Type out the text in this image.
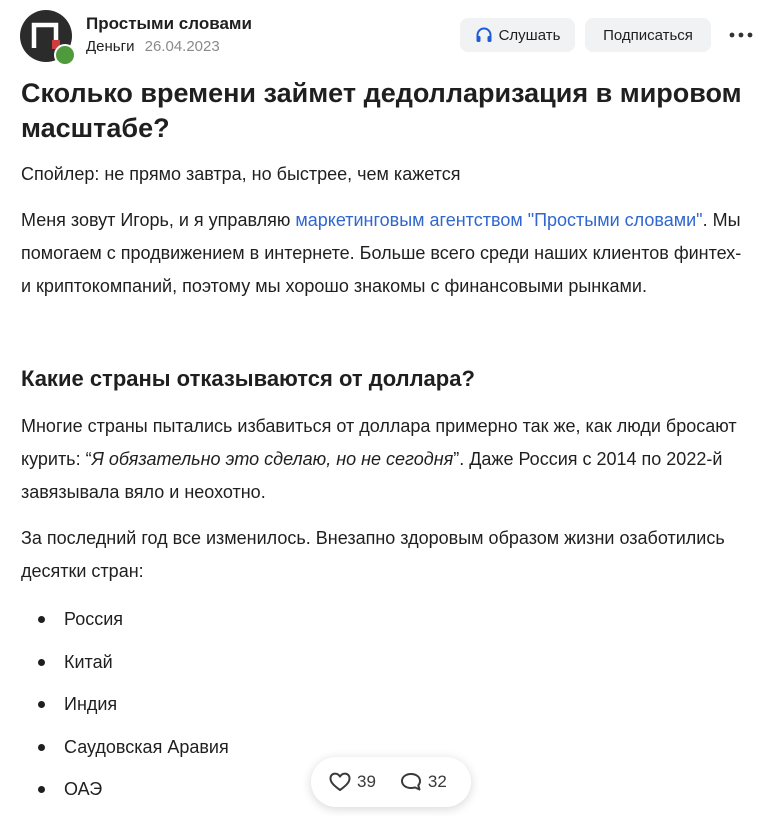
Простыми словами
Деньги 26.04.2023
Слушать	Подписаться
Сколько времени займет дедолларизация в мировом масштабе?

Спойлер: не прямо завтра, но быстрее, чем кажется

Меня зовут Игорь, и я управляю маркетинговым агентством "Простыми словами". Мы помогаем с продвижением в интернете. Больше всего среди наших клиентов финтех- и криптокомпаний, поэтому мы хорошо знакомы с финансовыми рынками.

Какие страны отказываются от доллара?

Многие страны пытались избавиться от доллара примерно так же, как люди бросают курить: “Я обязательно это сделаю, но не сегодня”. Даже Россия с 2014 по 2022-й завязывала вяло и неохотно.

За последний год все изменилось. Внезапно здоровым образом жизни озаботились десятки стран:

Россия
Китай
Индия
Саудовская Аравия
ОАЭ	39	32
